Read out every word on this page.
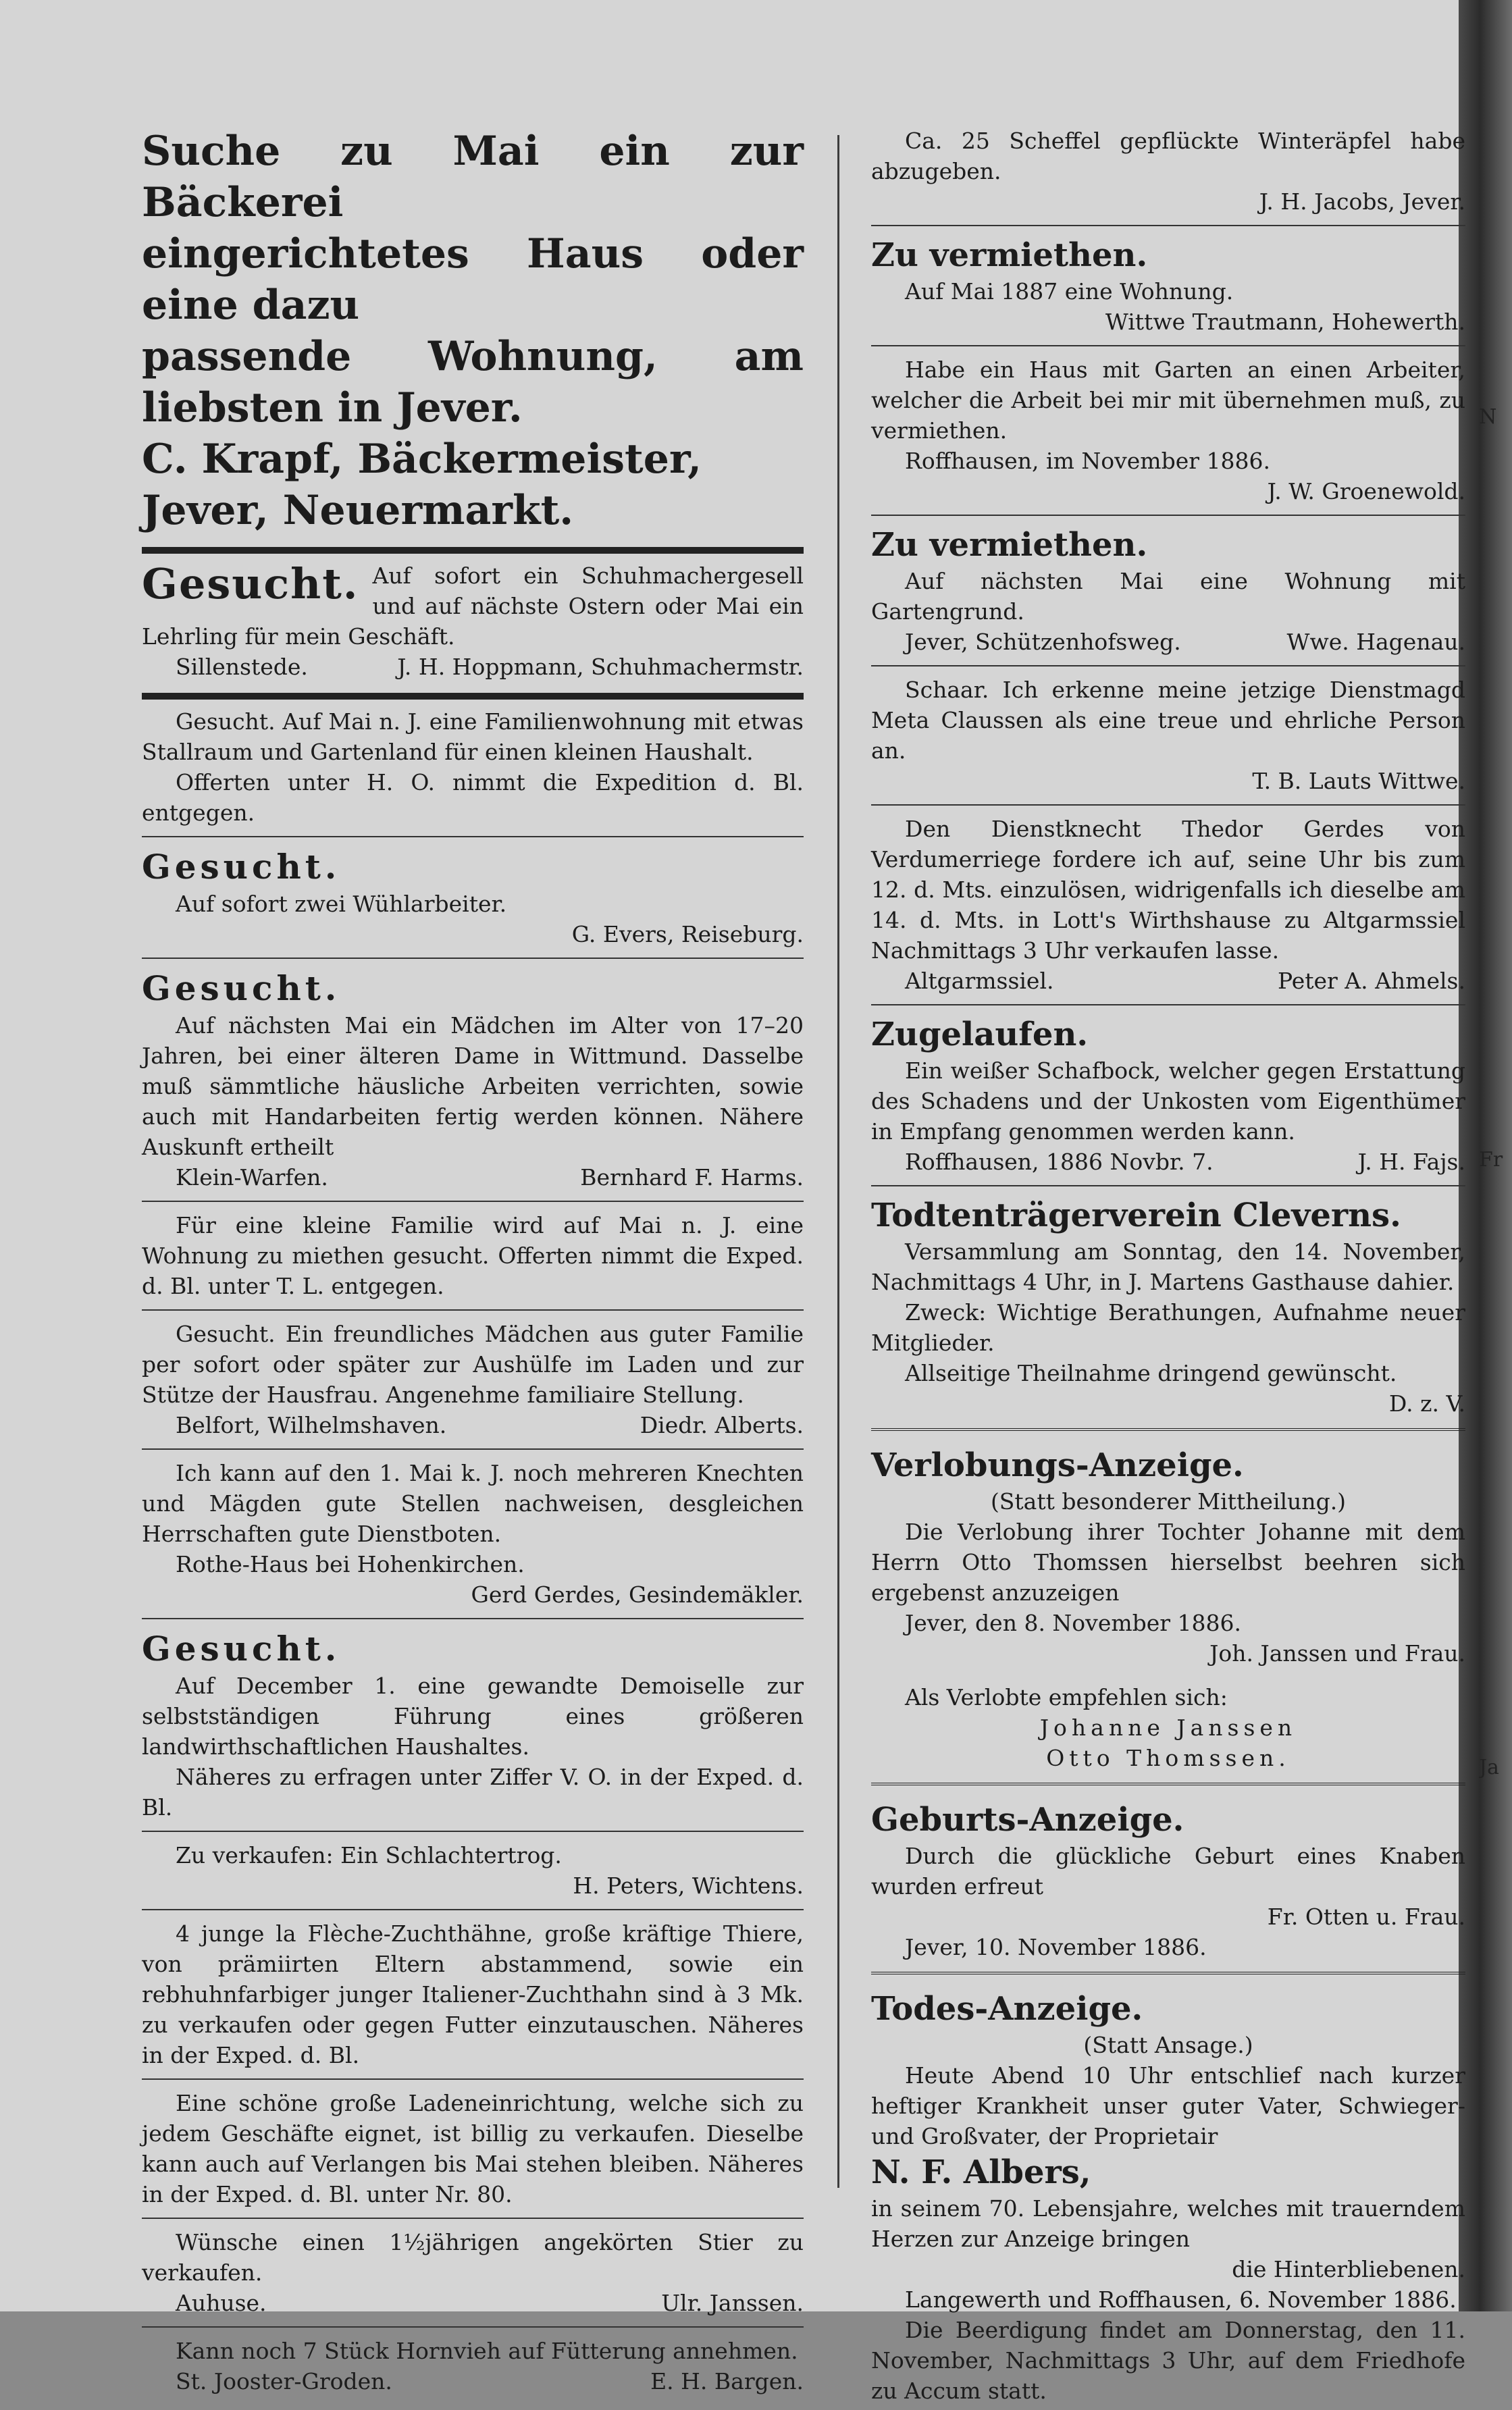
N
Fr
Ja

Suche zu Mai ein zur Bäckerei

eingerichtetes Haus oder eine dazu

passende Wohnung, am liebsten in Jever.

C. Krapf, Bäckermeister,

Jever, Neuermarkt.

Gesucht. Auf sofort ein Schuhmachergesell und auf nächste Ostern oder Mai ein Lehrling für mein Geschäft.

Sillenstede.	J. H. Hoppmann, Schuhmachermstr.

Gesucht. Auf Mai n. J. eine Familienwohnung mit etwas Stallraum und Gartenland für einen kleinen Haushalt.

Offerten unter H. O. nimmt die Expedition d. Bl. entgegen.

Gesucht.

Auf sofort zwei Wühlarbeiter.

G. Evers, Reiseburg.

Gesucht.

Auf nächsten Mai ein Mädchen im Alter von 17–20 Jahren, bei einer älteren Dame in Wittmund. Dasselbe muß sämmtliche häusliche Arbeiten verrichten, sowie auch mit Handarbeiten fertig werden können. Nähere Auskunft ertheilt

Klein-Warfen.	Bernhard F. Harms.

Für eine kleine Familie wird auf Mai n. J. eine Wohnung zu miethen gesucht. Offerten nimmt die Exped. d. Bl. unter T. L. entgegen.

Gesucht. Ein freundliches Mädchen aus guter Familie per sofort oder später zur Aushülfe im Laden und zur Stütze der Hausfrau. Angenehme familiaire Stellung.

Belfort, Wilhelmshaven.	Diedr. Alberts.

Ich kann auf den 1. Mai k. J. noch mehreren Knechten und Mägden gute Stellen nachweisen, desgleichen Herrschaften gute Dienstboten.

Rothe-Haus bei Hohenkirchen.

Gerd Gerdes, Gesindemäkler.

Gesucht.

Auf December 1. eine gewandte Demoiselle zur selbstständigen Führung eines größeren landwirthschaftlichen Haushaltes.

Näheres zu erfragen unter Ziffer V. O. in der Exped. d. Bl.

Zu verkaufen: Ein Schlachtertrog.

H. Peters, Wichtens.

4 junge la Flèche-Zuchthähne, große kräftige Thiere, von prämiirten Eltern abstammend, sowie ein rebhuhnfarbiger junger Italiener-Zuchthahn sind à 3 Mk. zu verkaufen oder gegen Futter einzutauschen. Näheres in der Exped. d. Bl.

Eine schöne große Ladeneinrichtung, welche sich zu jedem Geschäfte eignet, ist billig zu verkaufen. Dieselbe kann auch auf Verlangen bis Mai stehen bleiben. Näheres in der Exped. d. Bl. unter Nr. 80.

Wünsche einen 1½jährigen angekörten Stier zu verkaufen.

Auhuse.	Ulr. Janssen.

Kann noch 7 Stück Hornvieh auf Fütterung annehmen.

St. Jooster-Groden.	E. H. Bargen.

Ca. 25 Scheffel gepflückte Winteräpfel habe abzugeben.

J. H. Jacobs, Jever.

Zu vermiethen.

Auf Mai 1887 eine Wohnung.

Wittwe Trautmann, Hohewerth.

Habe ein Haus mit Garten an einen Arbeiter, welcher die Arbeit bei mir mit übernehmen muß, zu vermiethen.

Roffhausen, im November 1886.

J. W. Groenewold.

Zu vermiethen.

Auf nächsten Mai eine Wohnung mit Gartengrund.

Jever, Schützenhofsweg.	Wwe. Hagenau.

Schaar. Ich erkenne meine jetzige Dienstmagd Meta Claussen als eine treue und ehrliche Person an.

T. B. Lauts Wittwe.

Den Dienstknecht Thedor Gerdes von Verdumerriege fordere ich auf, seine Uhr bis zum 12. d. Mts. einzulösen, widrigenfalls ich dieselbe am 14. d. Mts. in Lott's Wirthshause zu Altgarmssiel Nachmittags 3 Uhr verkaufen lasse.

Altgarmssiel.	Peter A. Ahmels.

Zugelaufen.

Ein weißer Schafbock, welcher gegen Erstattung des Schadens und der Unkosten vom Eigenthümer in Empfang genommen werden kann.

Roffhausen, 1886 Novbr. 7.	J. H. Fajs.

Todtenträgerverein Cleverns.

Versammlung am Sonntag, den 14. November, Nachmittags 4 Uhr, in J. Martens Gasthause dahier.

Zweck: Wichtige Berathungen, Aufnahme neuer Mitglieder.

Allseitige Theilnahme dringend gewünscht.

D. z. V.

Verlobungs-Anzeige.

(Statt besonderer Mittheilung.)

Die Verlobung ihrer Tochter Johanne mit dem Herrn Otto Thomssen hierselbst beehren sich ergebenst anzuzeigen

Jever, den 8. November 1886.

Joh. Janssen und Frau.

Als Verlobte empfehlen sich:

Johanne Janssen

Otto Thomssen.

Geburts-Anzeige.

Durch die glückliche Geburt eines Knaben wurden erfreut

Fr. Otten u. Frau.

Jever, 10. November 1886.

Todes-Anzeige.

(Statt Ansage.)

Heute Abend 10 Uhr entschlief nach kurzer heftiger Krankheit unser guter Vater, Schwieger- und Großvater, der Proprietair

N. F. Albers,

in seinem 70. Lebensjahre, welches mit trauerndem Herzen zur Anzeige bringen

die Hinterbliebenen.

Langewerth und Roffhausen, 6. November 1886.

Die Beerdigung findet am Donnerstag, den 11. November, Nachmittags 3 Uhr, auf dem Friedhofe zu Accum statt.
